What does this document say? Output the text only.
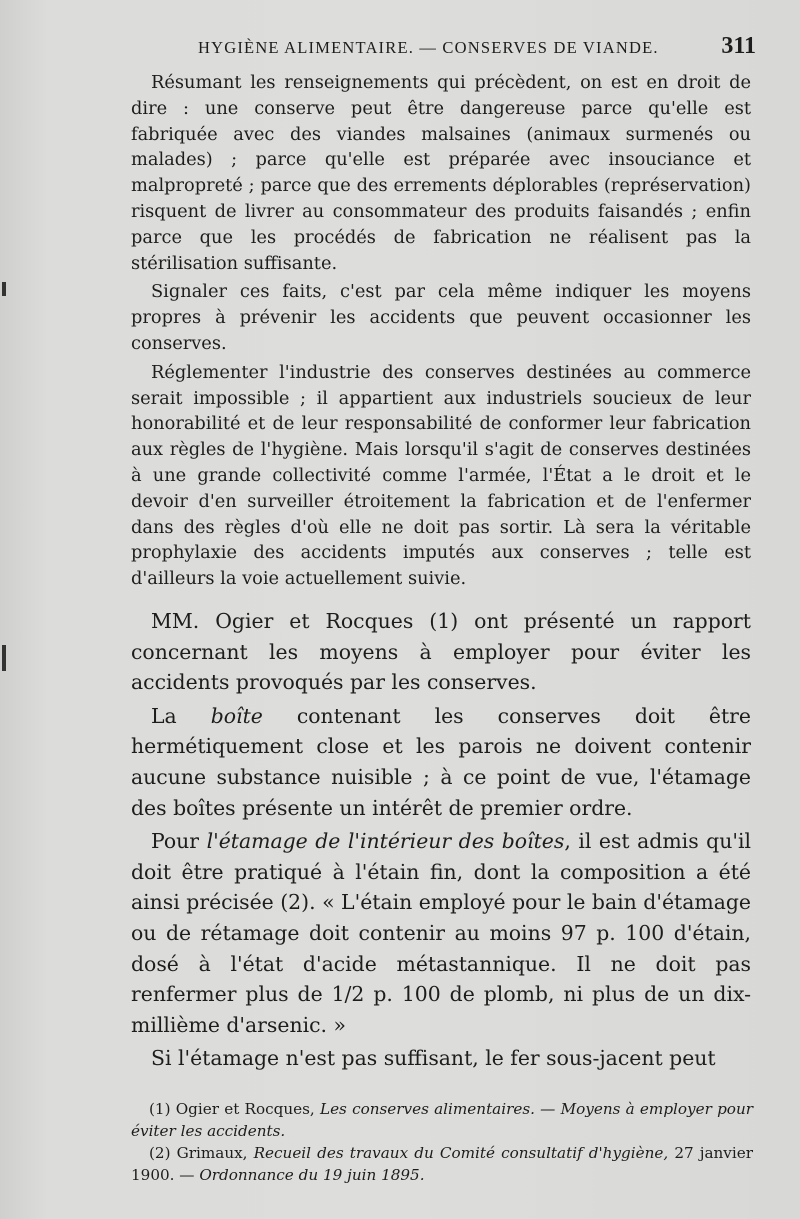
HYGIÈNE ALIMENTAIRE. — CONSERVES DE VIANDE.	311

Résumant les renseignements qui précèdent, on est en droit de dire : une conserve peut être dangereuse parce qu'elle est fabriquée avec des viandes malsaines (animaux surmenés ou malades) ; parce qu'elle est préparée avec insouciance et malpropreté ; parce que des errements déplorables (représervation) risquent de livrer au consommateur des produits faisandés ; enfin parce que les procédés de fabrication ne réalisent pas la stérilisation suffisante.

Signaler ces faits, c'est par cela même indiquer les moyens propres à prévenir les accidents que peuvent occasionner les conserves.

Réglementer l'industrie des conserves destinées au commerce serait impossible ; il appartient aux industriels soucieux de leur honorabilité et de leur responsabilité de conformer leur fabrication aux règles de l'hygiène. Mais lorsqu'il s'agit de conserves destinées à une grande collectivité comme l'armée, l'État a le droit et le devoir d'en surveiller étroitement la fabrication et de l'enfermer dans des règles d'où elle ne doit pas sortir. Là sera la véritable prophylaxie des accidents imputés aux conserves ; telle est d'ailleurs la voie actuellement suivie.

MM. Ogier et Rocques (1) ont présenté un rapport concernant les moyens à employer pour éviter les accidents provoqués par les conserves.

La boîte contenant les conserves doit être hermétiquement close et les parois ne doivent contenir aucune substance nuisible ; à ce point de vue, l'étamage des boîtes présente un intérêt de premier ordre.

Pour l'étamage de l'intérieur des boîtes, il est admis qu'il doit être pratiqué à l'étain fin, dont la composition a été ainsi précisée (2). « L'étain employé pour le bain d'étamage ou de rétamage doit contenir au moins 97 p. 100 d'étain, dosé à l'état d'acide métastannique. Il ne doit pas renfermer plus de 1/2 p. 100 de plomb, ni plus de un dix-millième d'arsenic. »

Si l'étamage n'est pas suffisant, le fer sous-jacent peut

(1) Ogier et Rocques, Les conserves alimentaires. — Moyens à employer pour éviter les accidents.
(2) Grimaux, Recueil des travaux du Comité consultatif d'hygiène, 27 janvier 1900. — Ordonnance du 19 juin 1895.
